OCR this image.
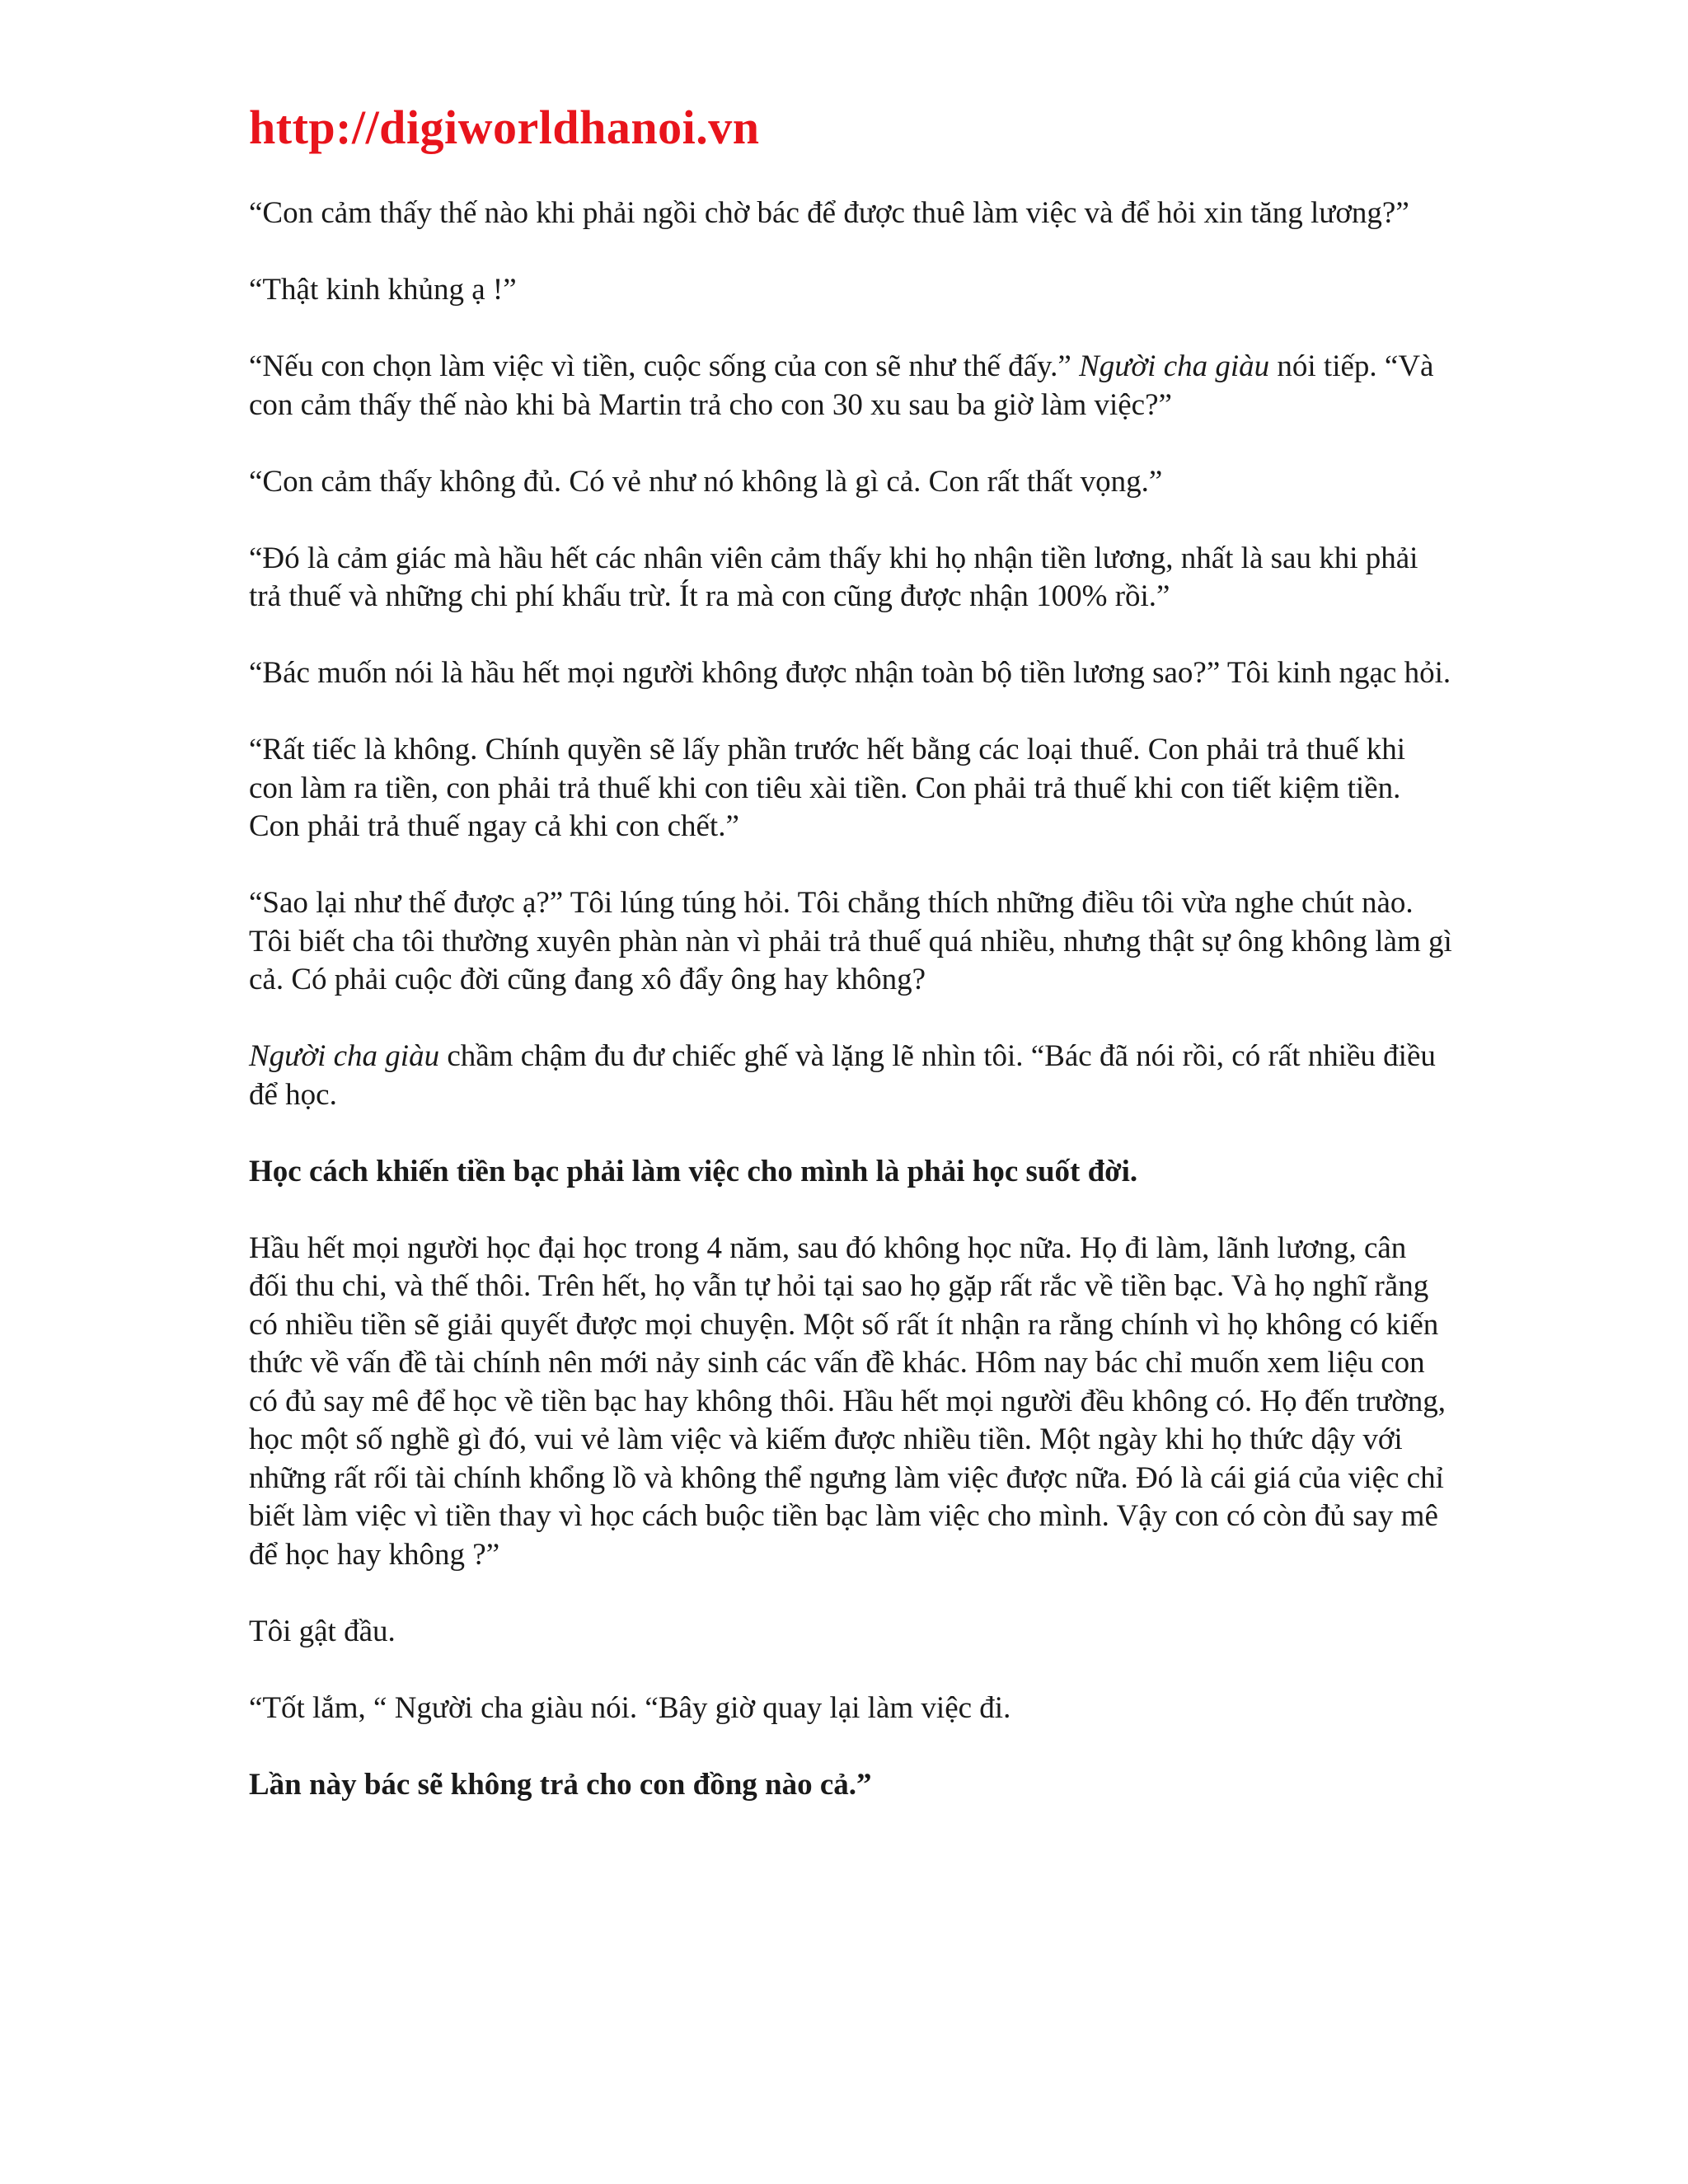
http://digiworldhanoi.vn

“Con cảm thấy thế nào khi phải ngồi chờ bác để được thuê làm việc và để hỏi xin tăng lương?”

“Thật kinh khủng ạ !”

“Nếu con chọn làm việc vì tiền, cuộc sống của con sẽ như thế đấy.” Người cha giàu nói tiếp. “Và con cảm thấy thế nào khi bà Martin trả cho con 30 xu sau ba giờ làm việc?”

“Con cảm thấy không đủ. Có vẻ như nó không là gì cả. Con rất thất vọng.”

“Đó là cảm giác mà hầu hết các nhân viên cảm thấy khi họ nhận tiền lương, nhất là sau khi phải trả thuế và những chi phí khấu trừ. Ít ra mà con cũng được nhận 100% rồi.”

“Bác muốn nói là hầu hết mọi người không được nhận toàn bộ tiền lương sao?” Tôi kinh ngạc hỏi.

“Rất tiếc là không. Chính quyền sẽ lấy phần trước hết bằng các loại thuế. Con phải trả thuế khi con làm ra tiền, con phải trả thuế khi con tiêu xài tiền. Con phải trả thuế khi con tiết kiệm tiền. Con phải trả thuế ngay cả khi con chết.”

“Sao lại như thế được ạ?” Tôi lúng túng hỏi. Tôi chẳng thích những điều tôi vừa nghe chút nào. Tôi biết cha tôi thường xuyên phàn nàn vì phải trả thuế quá nhiều, nhưng thật sự ông không làm gì cả. Có phải cuộc đời cũng đang xô đẩy ông hay không?

Người cha giàu chầm chậm đu đư chiếc ghế và lặng lẽ nhìn tôi. “Bác đã nói rồi, có rất nhiều điều để học.

Học cách khiến tiền bạc phải làm việc cho mình là phải học suốt đời.

Hầu hết mọi người học đại học trong 4 năm, sau đó không học nữa. Họ đi làm, lãnh lương, cân đối thu chi, và thế thôi. Trên hết, họ vẫn tự hỏi tại sao họ gặp rất rắc về tiền bạc. Và họ nghĩ rằng có nhiều tiền sẽ giải quyết được mọi chuyện. Một số rất ít nhận ra rằng chính vì họ không có kiến thức về vấn đề tài chính nên mới nảy sinh các vấn đề khác. Hôm nay bác chỉ muốn xem liệu con có đủ say mê để học về tiền bạc hay không thôi. Hầu hết mọi người đều không có. Họ đến trường, học một số nghề gì đó, vui vẻ làm việc và kiếm được nhiều tiền. Một ngày khi họ thức dậy với những rất rối tài chính khổng lồ và không thể ngưng làm việc được nữa. Đó là cái giá của việc chỉ biết làm việc vì tiền thay vì học cách buộc tiền bạc làm việc cho mình. Vậy con có còn đủ say mê để học hay không ?”

Tôi gật đầu.

“Tốt lắm, “ Người cha giàu nói. “Bây giờ quay lại làm việc đi.

Lần này bác sẽ không trả cho con đồng nào cả.”
